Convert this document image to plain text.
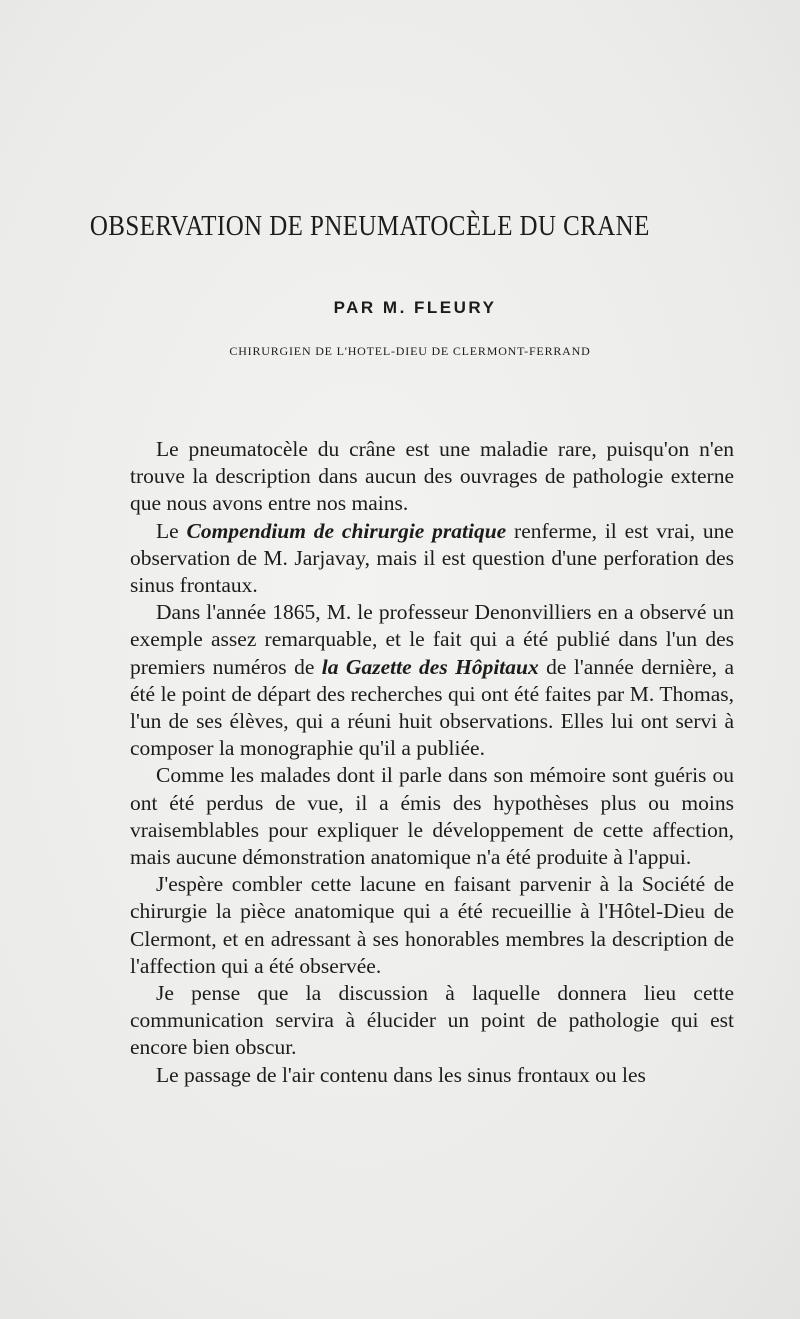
OBSERVATION DE PNEUMATOCÈLE DU CRANE
PAR M. FLEURY
CHIRURGIEN DE L'HOTEL-DIEU DE CLERMONT-FERRAND

Le pneumatocèle du crâne est une maladie rare, puisqu'on n'en trouve la description dans aucun des ouvrages de pathologie externe que nous avons entre nos mains.

Le Compendium de chirurgie pratique renferme, il est vrai, une observation de M. Jarjavay, mais il est question d'une perforation des sinus frontaux.

Dans l'année 1865, M. le professeur Denonvilliers en a observé un exemple assez remarquable, et le fait qui a été publié dans l'un des premiers numéros de la Gazette des Hôpitaux de l'année dernière, a été le point de départ des recherches qui ont été faites par M. Thomas, l'un de ses élèves, qui a réuni huit observations. Elles lui ont servi à composer la monographie qu'il a publiée.

Comme les malades dont il parle dans son mémoire sont guéris ou ont été perdus de vue, il a émis des hypothèses plus ou moins vraisemblables pour expliquer le développement de cette affection, mais aucune démonstration anatomique n'a été produite à l'appui.

J'espère combler cette lacune en faisant parvenir à la Société de chirurgie la pièce anatomique qui a été recueillie à l'Hôtel-Dieu de Clermont, et en adressant à ses honorables membres la description de l'affection qui a été observée.

Je pense que la discussion à laquelle donnera lieu cette communication servira à élucider un point de pathologie qui est encore bien obscur.

Le passage de l'air contenu dans les sinus frontaux ou les
